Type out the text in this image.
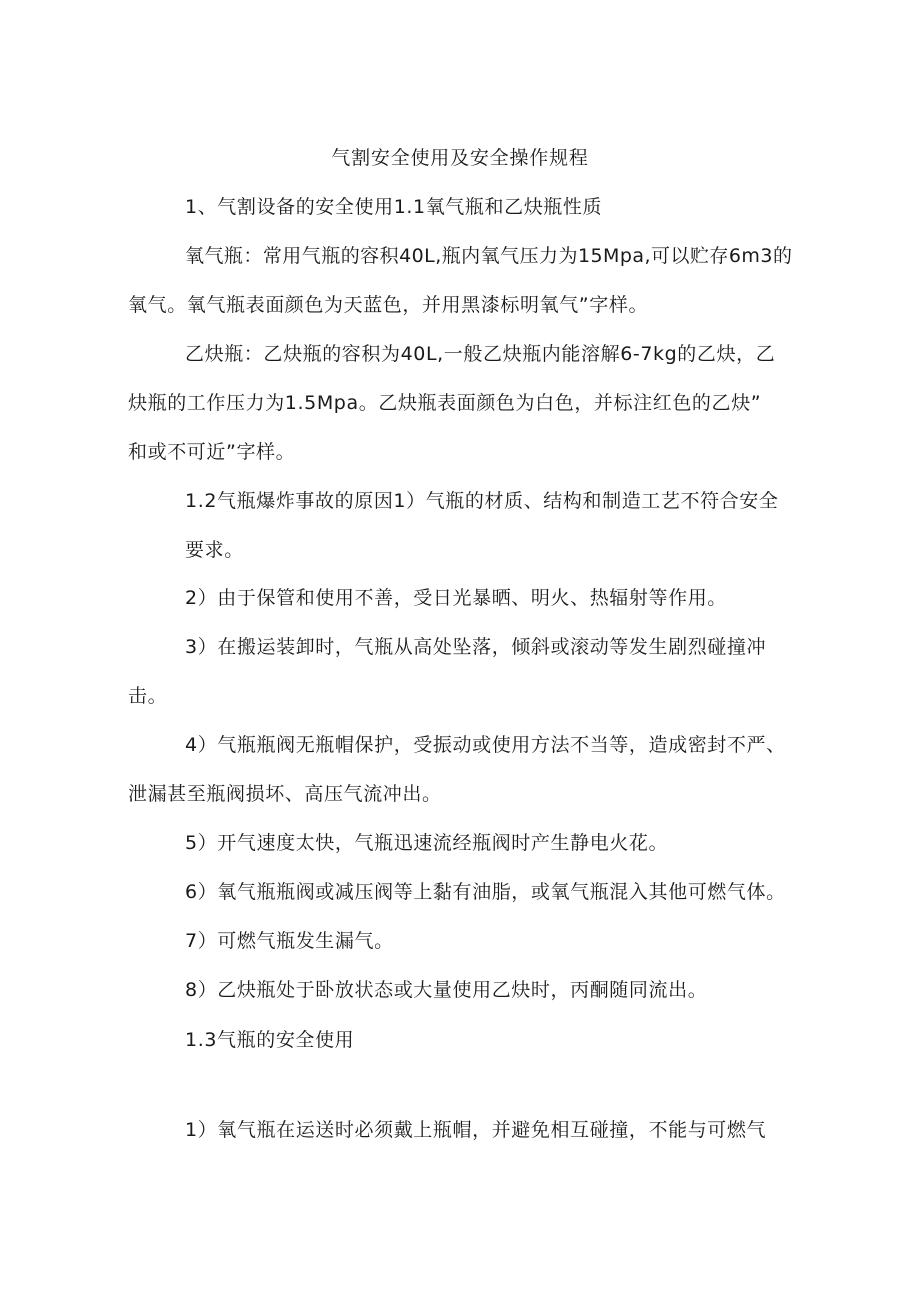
气割安全使用及安全操作规程
1、气割设备的安全使用1.1氧气瓶和乙炔瓶性质
氧气瓶：常用气瓶的容积40L,瓶内氧气压力为15Mpa,可以贮存6m3的
氧气。氧气瓶表面颜色为天蓝色，并用黑漆标明氧气”字样。
乙炔瓶：乙炔瓶的容积为40L,一般乙炔瓶内能溶解6-7kg的乙炔，乙
炔瓶的工作压力为1.5Mpa。乙炔瓶表面颜色为白色，并标注红色的乙炔”
和或不可近”字样。
1.2气瓶爆炸事故的原因1）气瓶的材质、结构和制造工艺不符合安全
要求。
2）由于保管和使用不善，受日光暴晒、明火、热辐射等作用。
3）在搬运装卸时，气瓶从高处坠落，倾斜或滚动等发生剧烈碰撞冲
击。
4）气瓶瓶阀无瓶帽保护，受振动或使用方法不当等，造成密封不严、
泄漏甚至瓶阀损坏、高压气流冲出。
5）开气速度太快，气瓶迅速流经瓶阀时产生静电火花。
6）氧气瓶瓶阀或减压阀等上黏有油脂，或氧气瓶混入其他可燃气体。
7）可燃气瓶发生漏气。
8）乙炔瓶处于卧放状态或大量使用乙炔时，丙酮随同流出。
1.3气瓶的安全使用
1）氧气瓶在运送时必须戴上瓶帽，并避免相互碰撞，不能与可燃气
